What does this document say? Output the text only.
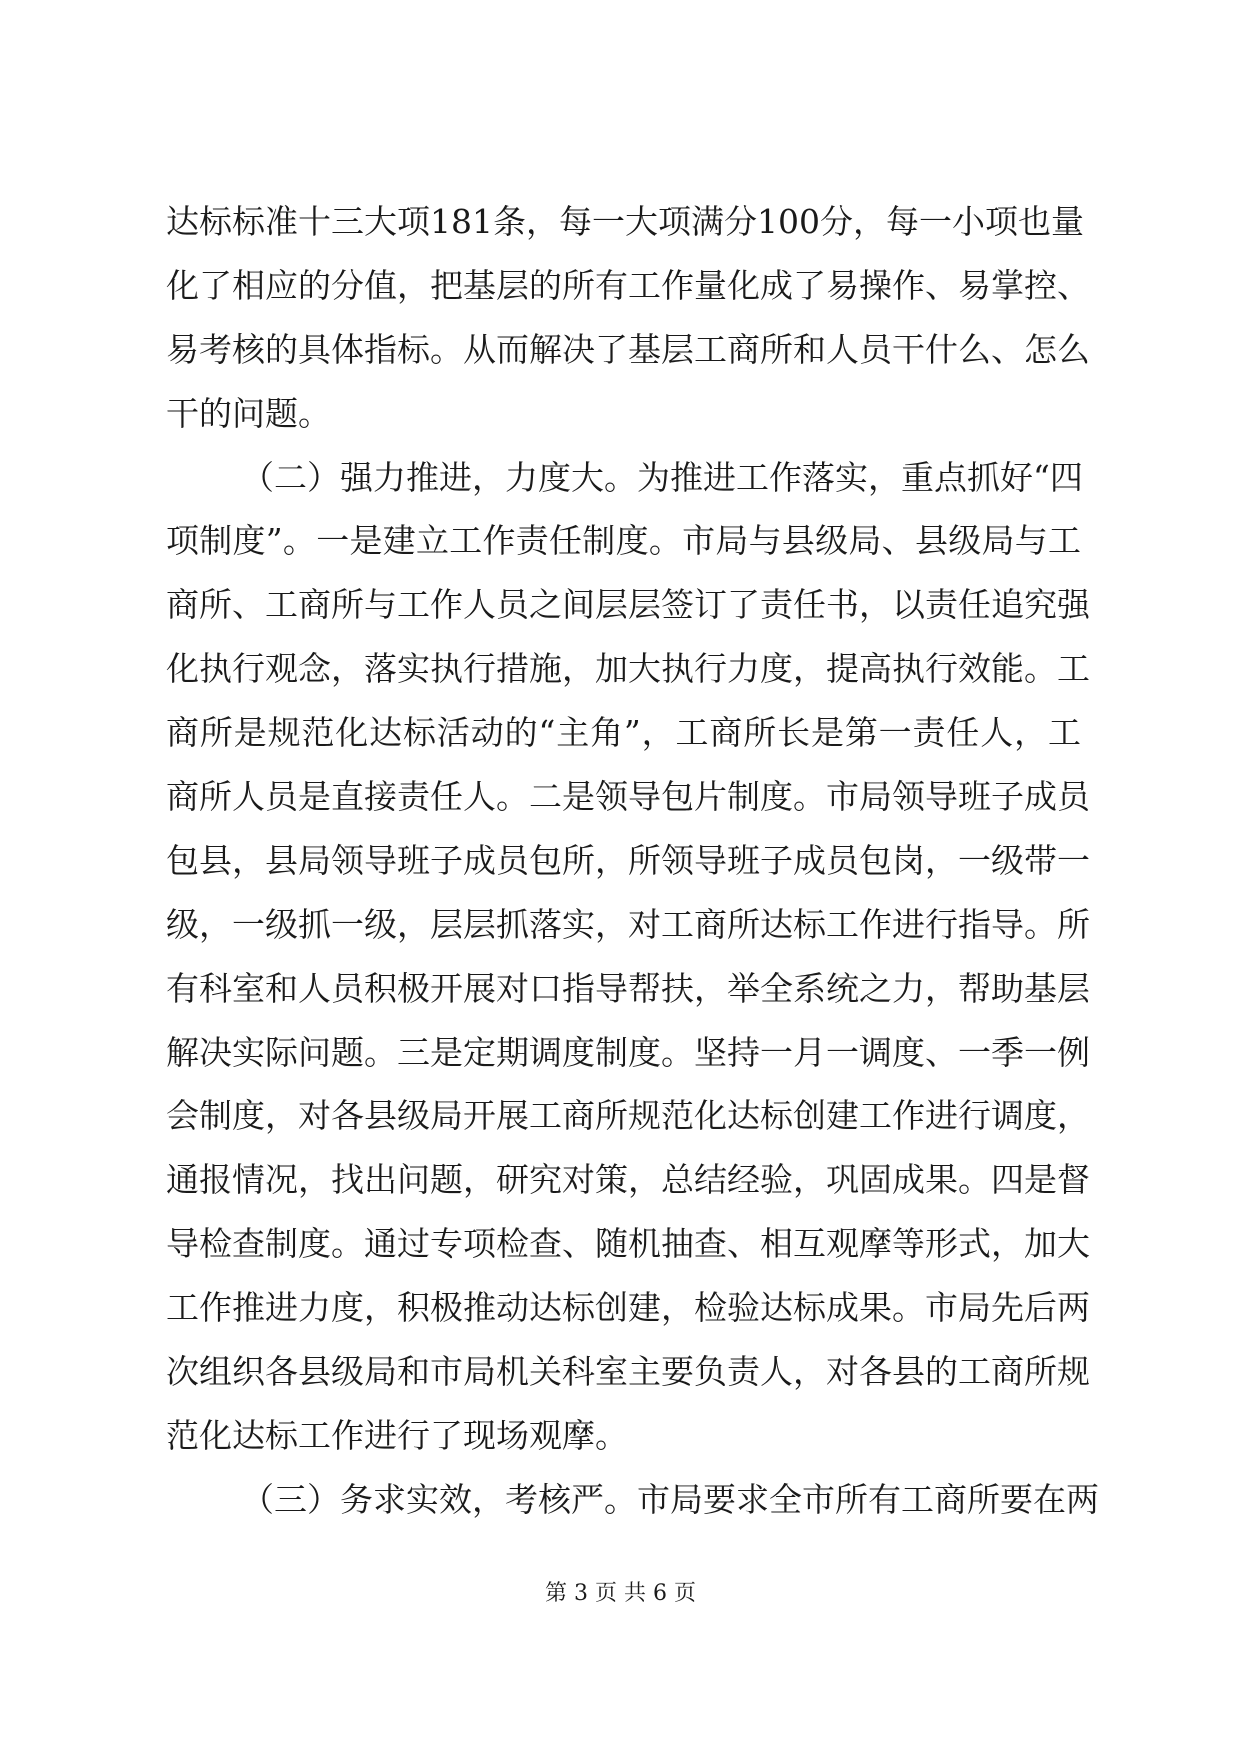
达标标准十三大项181条，每一大项满分100分，每一小项也量
化了相应的分值，把基层的所有工作量化成了易操作、易掌控、
易考核的具体指标。从而解决了基层工商所和人员干什么、怎么
干的问题。
（二）强力推进，力度大。为推进工作落实，重点抓好“四
项制度”。一是建立工作责任制度。市局与县级局、县级局与工
商所、工商所与工作人员之间层层签订了责任书，以责任追究强
化执行观念，落实执行措施，加大执行力度，提高执行效能。工
商所是规范化达标活动的“主角”，工商所长是第一责任人，工
商所人员是直接责任人。二是领导包片制度。市局领导班子成员
包县，县局领导班子成员包所，所领导班子成员包岗，一级带一
级，一级抓一级，层层抓落实，对工商所达标工作进行指导。所
有科室和人员积极开展对口指导帮扶，举全系统之力，帮助基层
解决实际问题。三是定期调度制度。坚持一月一调度、一季一例
会制度，对各县级局开展工商所规范化达标创建工作进行调度，
通报情况，找出问题，研究对策，总结经验，巩固成果。四是督
导检查制度。通过专项检查、随机抽查、相互观摩等形式，加大
工作推进力度，积极推动达标创建，检验达标成果。市局先后两
次组织各县级局和市局机关科室主要负责人，对各县的工商所规
范化达标工作进行了现场观摩。
（三）务求实效，考核严。市局要求全市所有工商所要在两
第 3 页 共 6 页
